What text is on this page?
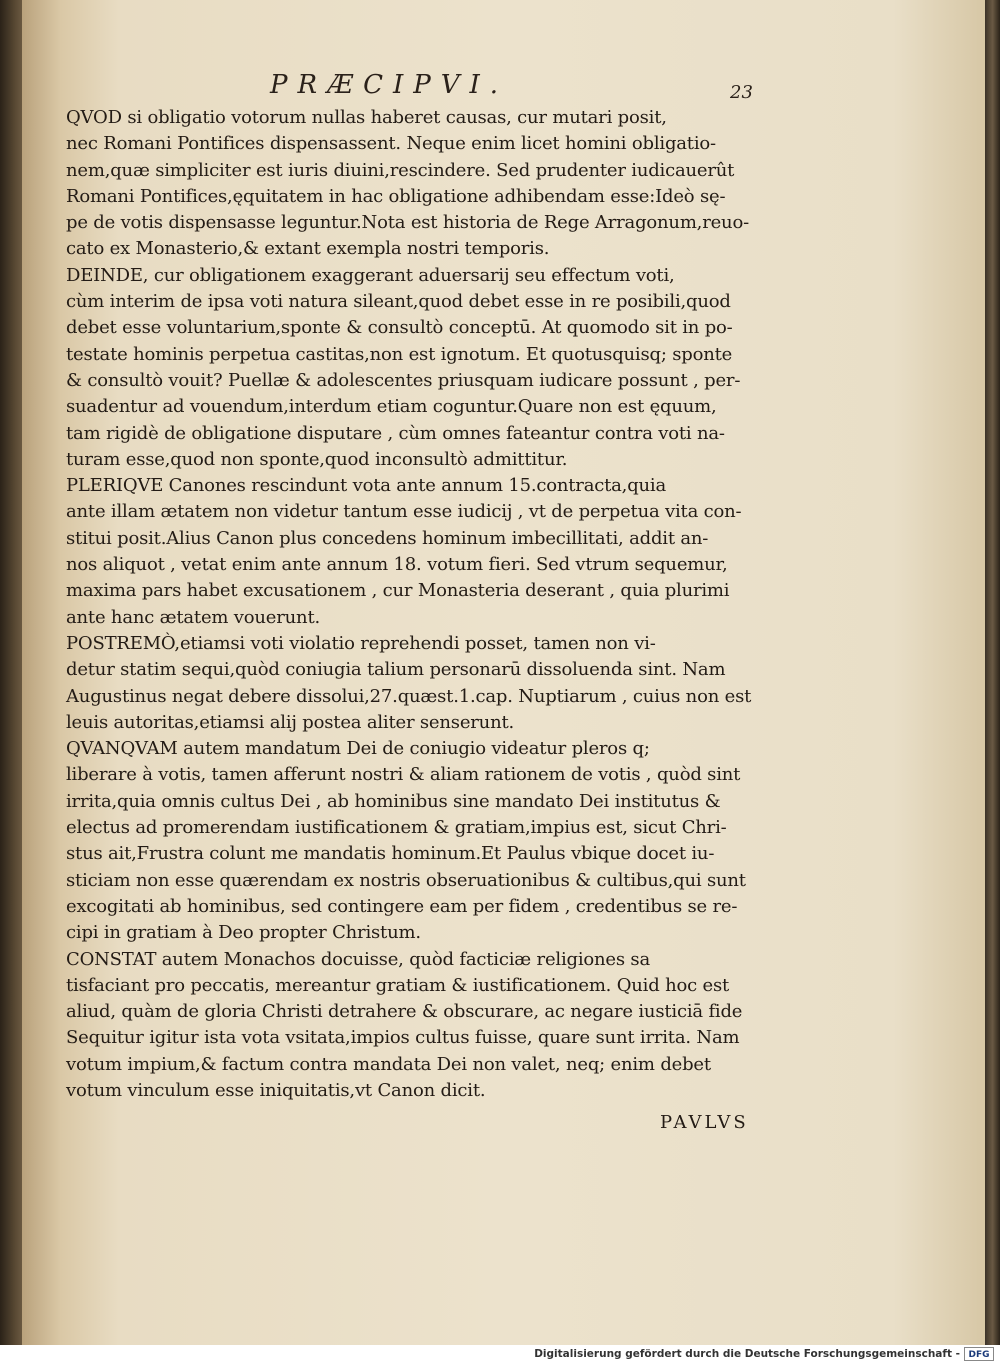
PRÆCIPVI.	23
QVOD si obligatio votorum nullas haberet causas, cur mutari posit,
nec Romani Pontifices dispensassent. Neque enim licet homini obligatio-
nem,quæ simpliciter est iuris diuini,rescindere. Sed prudenter iudicauerût
Romani Pontifices,ęquitatem in hac obligatione adhibendam esse:Ideò sę-
pe de votis dispensasse leguntur.Nota est historia de Rege Arragonum,reuo-
cato ex Monasterio,& extant exempla nostri temporis.
DEINDE, cur obligationem exaggerant aduersarij seu effectum voti,
cùm interim de ipsa voti natura sileant,quod debet esse in re posibili,quod
debet esse voluntarium,sponte & consultò conceptū. At quomodo sit in po-
testate hominis perpetua castitas,non est ignotum. Et quotusquisq; sponte
& consultò vouit? Puellæ & adolescentes priusquam iudicare possunt , per-
suadentur ad vouendum,interdum etiam coguntur.Quare non est ęquum,
tam rigidè de obligatione disputare , cùm omnes fateantur contra voti na-
turam esse,quod non sponte,quod inconsultò admittitur.
PLERIQVE Canones rescindunt vota ante annum 15.contracta,quia
ante illam ætatem non videtur tantum esse iudicij , vt de perpetua vita con-
stitui posit.Alius Canon plus concedens hominum imbecillitati, addit an-
nos aliquot , vetat enim ante annum 18. votum fieri. Sed vtrum sequemur,
maxima pars habet excusationem , cur Monasteria deserant , quia plurimi
ante hanc ætatem vouerunt.
POSTREMÒ,etiamsi voti violatio reprehendi posset, tamen non vi-
detur statim sequi,quòd coniugia talium personarū dissoluenda sint. Nam
Augustinus negat debere dissolui,27.quæst.1.cap. Nuptiarum , cuius non est
leuis autoritas,etiamsi alij postea aliter senserunt.
QVANQVAM autem mandatum Dei de coniugio videatur pleros q;
liberare à votis, tamen afferunt nostri & aliam rationem de votis , quòd sint
irrita,quia omnis cultus Dei , ab hominibus sine mandato Dei institutus &
electus ad promerendam iustificationem & gratiam,impius est, sicut Chri-
stus ait,Frustra colunt me mandatis hominum.Et Paulus vbique docet iu-
sticiam non esse quærendam ex nostris obseruationibus & cultibus,qui sunt
excogitati ab hominibus, sed contingere eam per fidem , credentibus se re-
cipi in gratiam à Deo propter Christum.
CONSTAT autem Monachos docuisse, quòd facticiæ religiones sa
tisfaciant pro peccatis, mereantur gratiam & iustificationem. Quid hoc est
aliud, quàm de gloria Christi detrahere & obscurare, ac negare iusticiā fide
Sequitur igitur ista vota vsitata,impios cultus fuisse, quare sunt irrita. Nam
votum impium,& factum contra mandata Dei non valet, neq; enim debet
votum vinculum esse iniquitatis,vt Canon dicit.
PAVLVS
Digitalisierung gefördert durch die Deutsche Forschungsgemeinschaft - DFG
